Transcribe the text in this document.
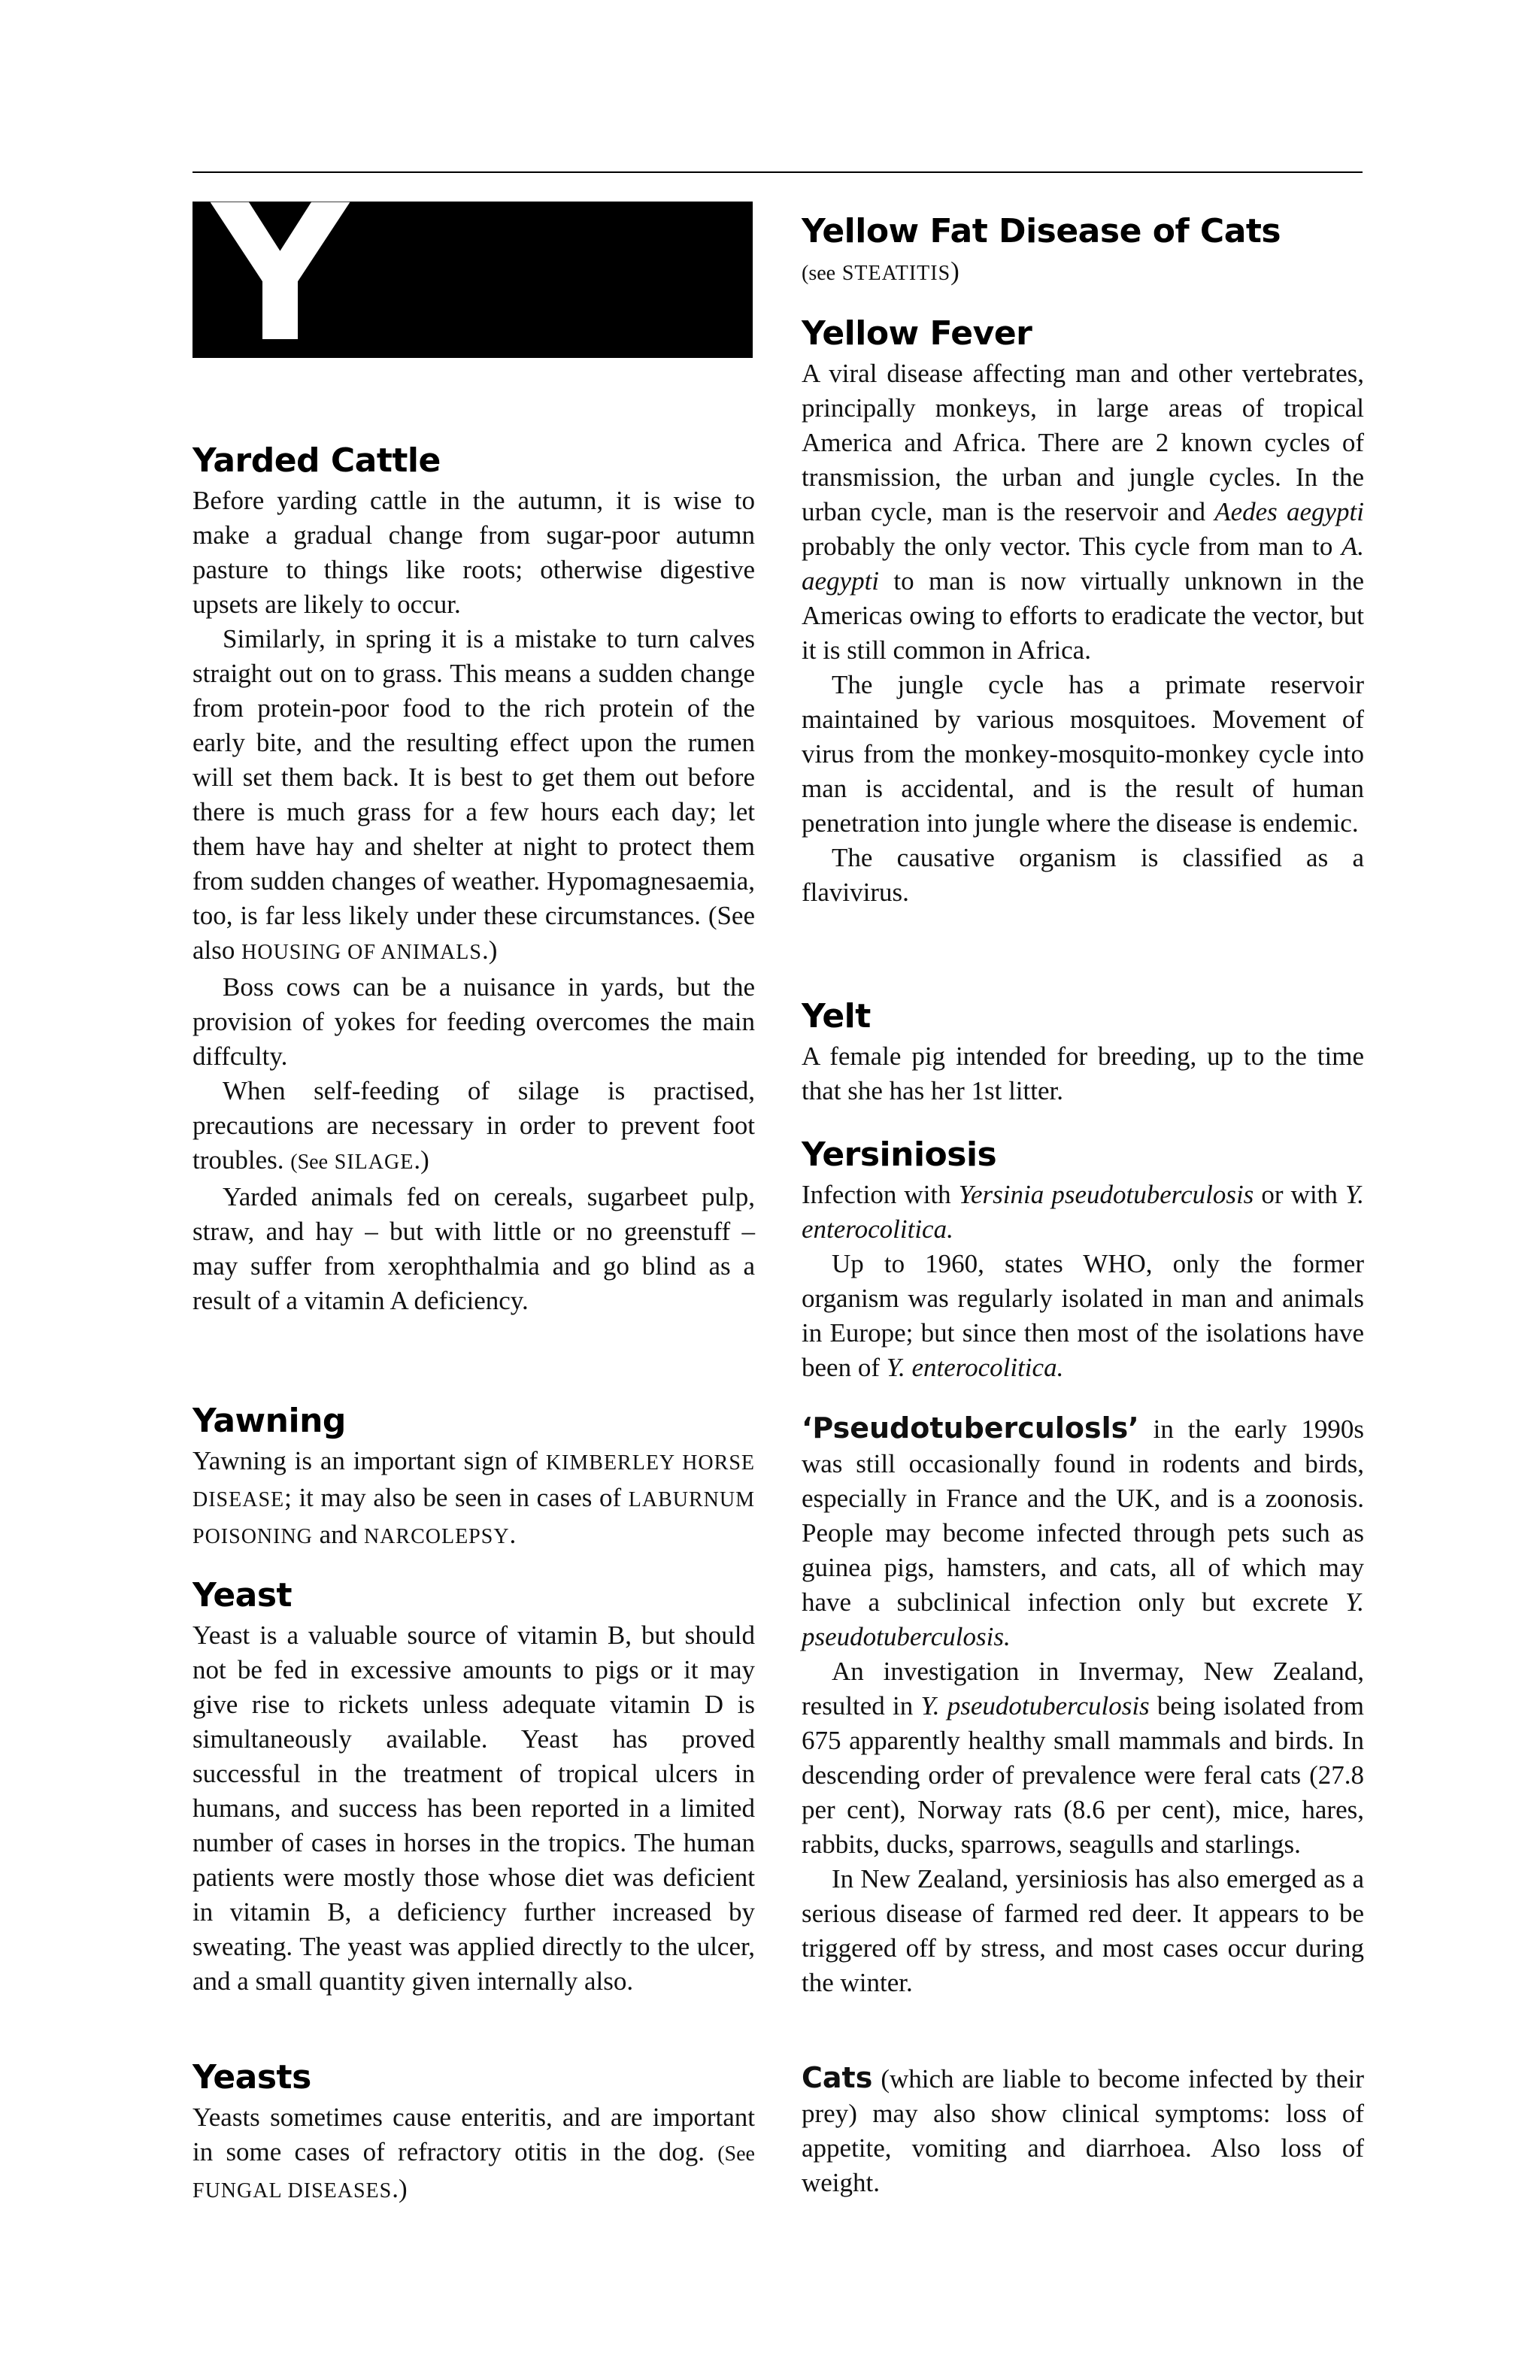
Y
Yarded Cattle

Before yarding cattle in the autumn, it is wise to make a gradual change from sugar-poor autumn pasture to things like roots; otherwise digestive upsets are likely to occur.

Similarly, in spring it is a mistake to turn calves straight out on to grass. This means a sudden change from protein-poor food to the rich protein of the early bite, and the resulting effect upon the rumen will set them back. It is best to get them out before there is much grass for a few hours each day; let them have hay and shelter at night to protect them from sudden changes of weather. Hypomagnesaemia, too, is far less likely under these circumstances. (See also HOUSING OF ANIMALS.)

Boss cows can be a nuisance in yards, but the provision of yokes for feeding overcomes the main diffculty.

When self-feeding of silage is practised, precautions are necessary in order to prevent foot troubles. (See SILAGE.)

Yarded animals fed on cereals, sugarbeet pulp, straw, and hay – but with little or no greenstuff – may suffer from xerophthalmia and go blind as a result of a vitamin A deficiency.

Yawning

Yawning is an important sign of KIMBERLEY HORSE DISEASE; it may also be seen in cases of LABURNUM POISONING and NARCOLEPSY.

Yeast

Yeast is a valuable source of vitamin B, but should not be fed in excessive amounts to pigs or it may give rise to rickets unless adequate vitamin D is simultaneously available. Yeast has proved successful in the treatment of tropical ulcers in humans, and success has been reported in a limited number of cases in horses in the tropics. The human patients were mostly those whose diet was deficient in vitamin B, a deficiency further increased by sweating. The yeast was applied directly to the ulcer, and a small quantity given internally also.

Yeasts

Yeasts sometimes cause enteritis, and are important in some cases of refractory otitis in the dog. (See FUNGAL DISEASES.)

Yellow Fat Disease of Cats

(see STEATITIS)

Yellow Fever

A viral disease affecting man and other vertebrates, principally monkeys, in large areas of tropical America and Africa. There are 2 known cycles of transmission, the urban and jungle cycles. In the urban cycle, man is the reservoir and Aedes aegypti probably the only vector. This cycle from man to A. aegypti to man is now virtually unknown in the Americas owing to efforts to eradicate the vector, but it is still common in Africa.

The jungle cycle has a primate reservoir maintained by various mosquitoes. Movement of virus from the monkey-mosquito-monkey cycle into man is accidental, and is the result of human penetration into jungle where the disease is endemic.

The causative organism is classified as a flavivirus.

Yelt

A female pig intended for breeding, up to the time that she has her 1st litter.

Yersiniosis

Infection with Yersinia pseudotuberculosis or with Y. enterocolitica.

Up to 1960, states WHO, only the former organism was regularly isolated in man and animals in Europe; but since then most of the isolations have been of Y. enterocolitica.

‘Pseudotuberculosls’ in the early 1990s was still occasionally found in rodents and birds, especially in France and the UK, and is a zoonosis. People may become infected through pets such as guinea pigs, hamsters, and cats, all of which may have a subclinical infection only but excrete Y. pseudotuberculosis.

An investigation in Invermay, New Zealand, resulted in Y. pseudotuberculosis being isolated from 675 apparently healthy small mammals and birds. In descending order of prevalence were feral cats (27.8 per cent), Norway rats (8.6 per cent), mice, hares, rabbits, ducks, sparrows, seagulls and starlings.

In New Zealand, yersiniosis has also emerged as a serious disease of farmed red deer. It appears to be triggered off by stress, and most cases occur during the winter.

Cats (which are liable to become infected by their prey) may also show clinical symptoms: loss of appetite, vomiting and diarrhoea. Also loss of weight.
